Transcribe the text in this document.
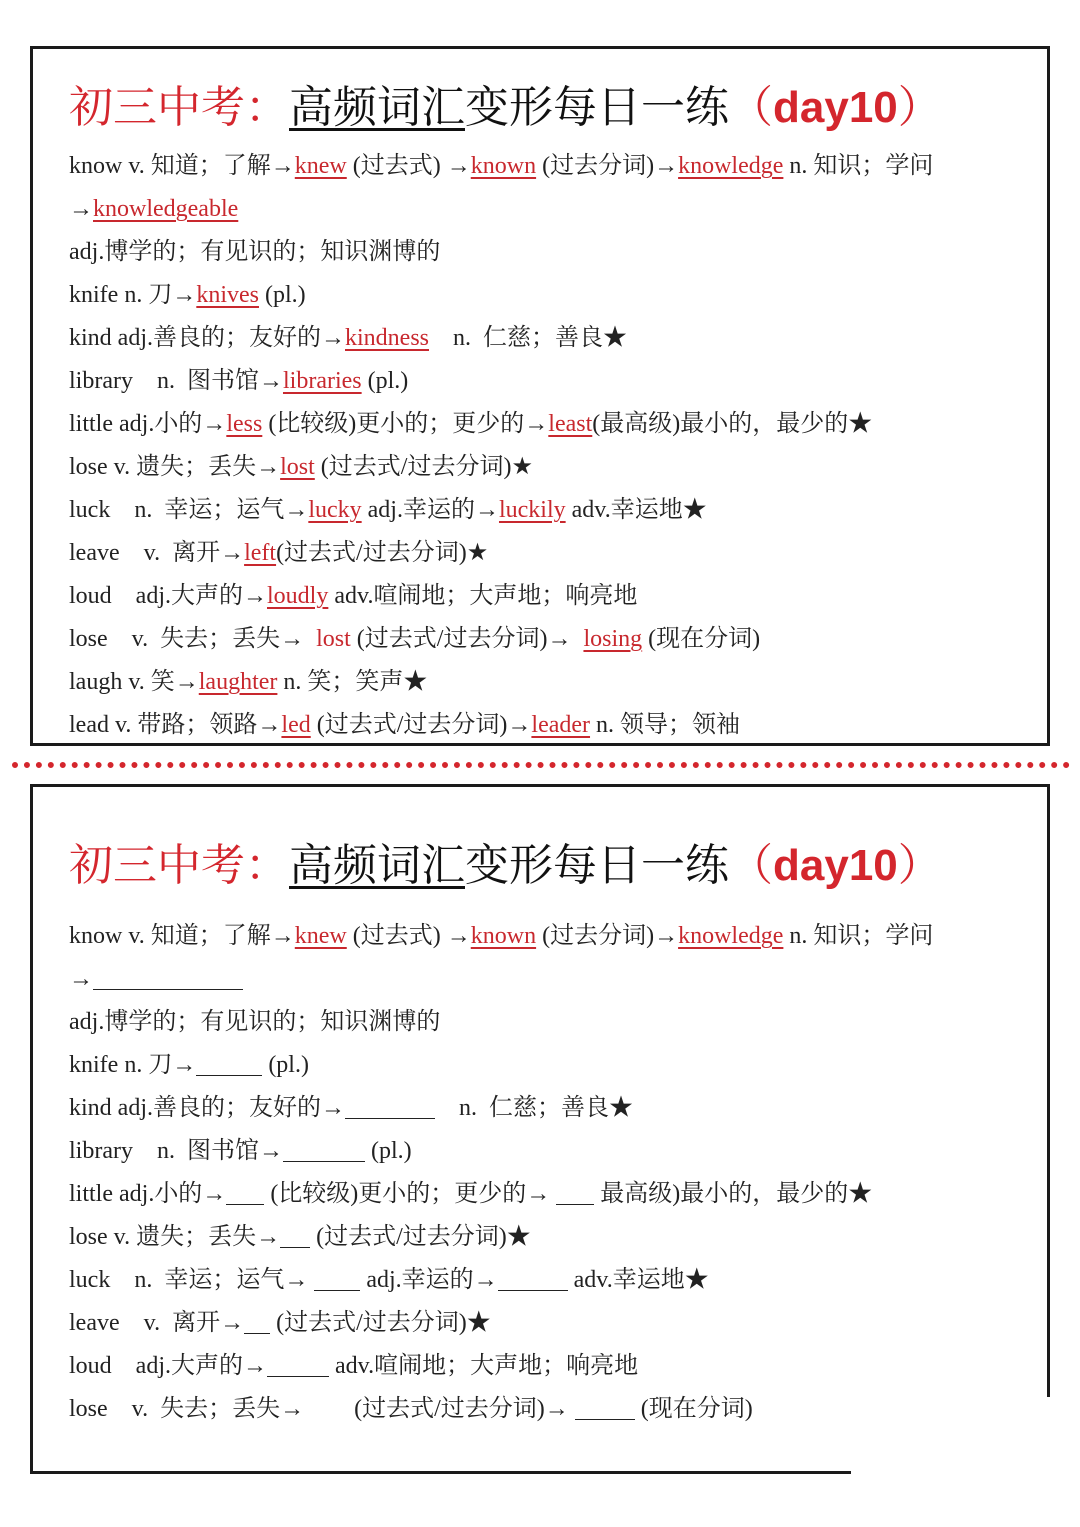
初三中考：高频词汇变形每日一练（day10）
know v. 知道；了解→knew (过去式) →known (过去分词)→knowledge n. 知识；学问
→knowledgeable
adj.博学的；有见识的；知识渊博的
knife n. 刀→knives (pl.)
kind adj.善良的；友好的→kindness    n.  仁慈；善良★
library    n.  图书馆→libraries (pl.)
little adj.小的→less (比较级)更小的；更少的→least(最高级)最小的，最少的★
lose v. 遗失；丢失→lost (过去式/过去分词)★
luck    n.  幸运；运气→lucky adj.幸运的→luckily adv.幸运地★
leave    v.  离开→left(过去式/过去分词)★
loud    adj.大声的→loudly adv.喧闹地；大声地；响亮地
lose    v.  失去；丢失→  lost (过去式/过去分词)→  losing (现在分词)
laugh v. 笑→laughter n. 笑；笑声★
lead v. 带路；领路→led (过去式/过去分词)→leader n. 领导；领袖
初三中考：高频词汇变形每日一练（day10）
know v. 知道；了解→knew (过去式) →known (过去分词)→knowledge n. 知识；学问
→
adj.博学的；有见识的；知识渊博的
knife n. 刀→	(pl.)
kind adj.善良的；友好的→	n.  仁慈；善良★
library    n.  图书馆→	(pl.)
little adj.小的→ (比较级)更小的；更少的→  最高级)最小的，最少的★
lose v. 遗失；丢失→ (过去式/过去分词)★
luck    n.  幸运；运气→  adj.幸运的→	adv.幸运地★
leave    v.  离开→ (过去式/过去分词)★
loud    adj.大声的→	adv.喧闹地；大声地；响亮地
lose    v.  失去；丢失→ (过去式/过去分词)→	(现在分词)
